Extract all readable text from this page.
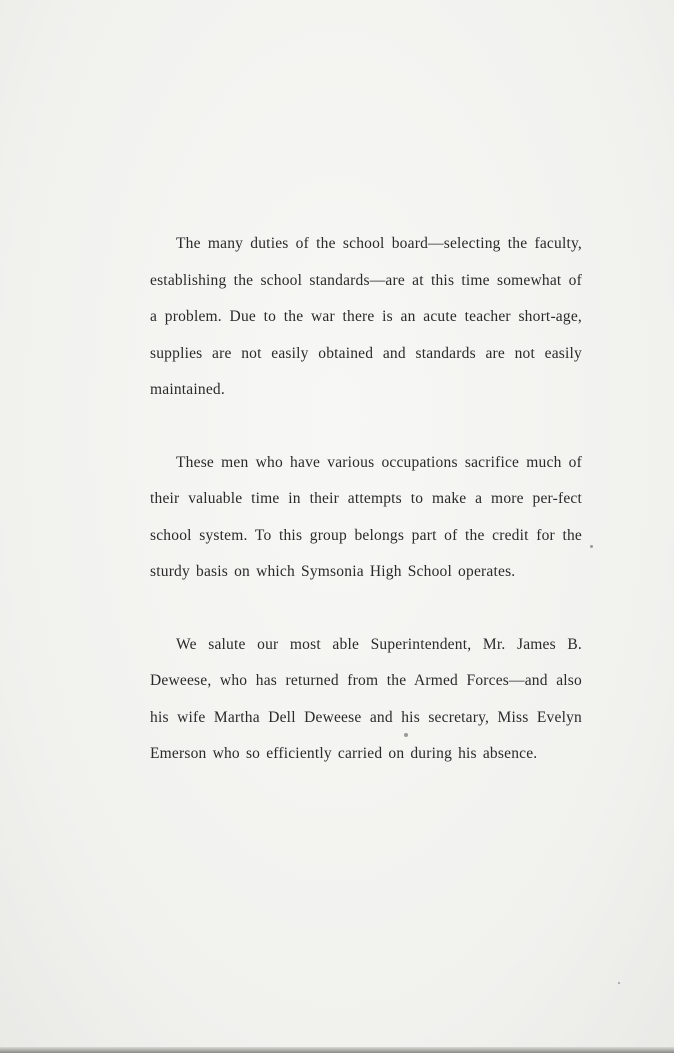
The many duties of the school board—selecting the faculty, establishing the school standards—are at this time somewhat of a problem. Due to the war there is an acute teacher short-age, supplies are not easily obtained and standards are not easily maintained.

These men who have various occupations sacrifice much of their valuable time in their attempts to make a more per-fect school system. To this group belongs part of the credit for the sturdy basis on which Symsonia High School operates.

We salute our most able Superintendent, Mr. James B. Deweese, who has returned from the Armed Forces—and also his wife Martha Dell Deweese and his secretary, Miss Evelyn Emerson who so efficiently carried on during his absence.
